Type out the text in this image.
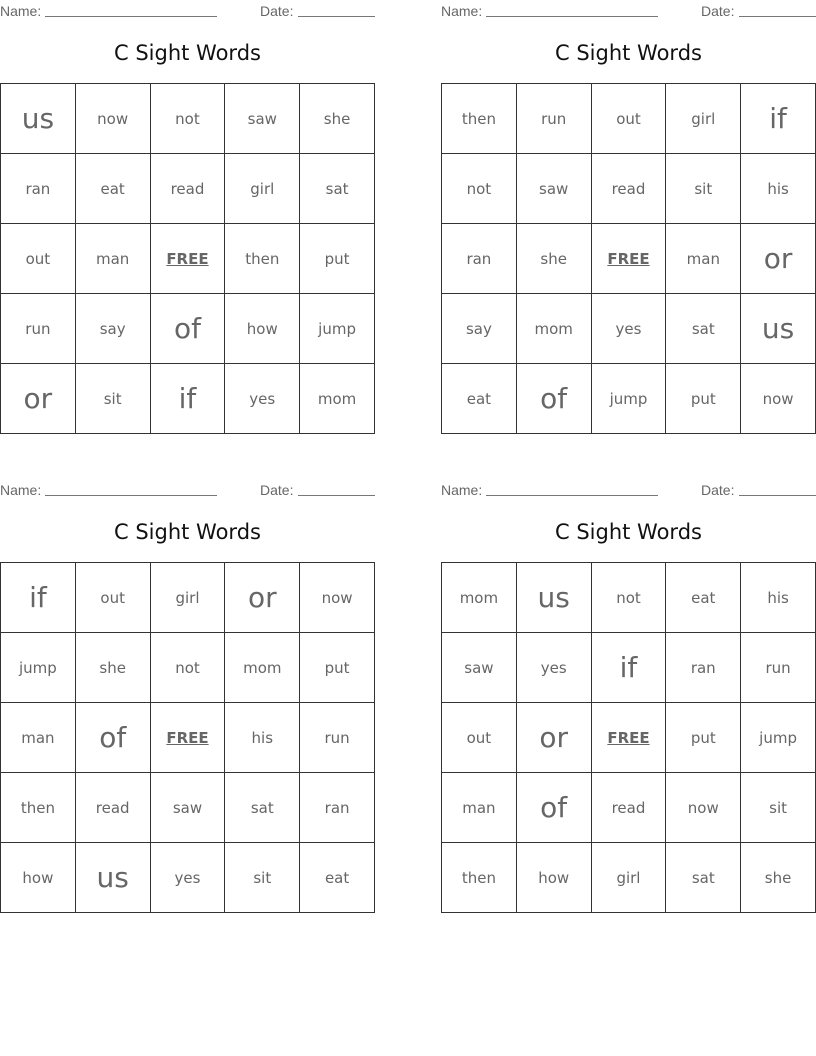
Name:	Date:
C Sight Words
us	now	not	saw	she
ran	eat	read	girl	sat
out	man	FREE	then	put
run	say	of	how	jump
or	sit	if	yes	mom
Name:	Date:
C Sight Words
then	run	out	girl	if
not	saw	read	sit	his
ran	she	FREE	man	or
say	mom	yes	sat	us
eat	of	jump	put	now
Name:	Date:
C Sight Words
if	out	girl	or	now
jump	she	not	mom	put
man	of	FREE	his	run
then	read	saw	sat	ran
how	us	yes	sit	eat
Name:	Date:
C Sight Words
mom	us	not	eat	his
saw	yes	if	ran	run
out	or	FREE	put	jump
man	of	read	now	sit
then	how	girl	sat	she
